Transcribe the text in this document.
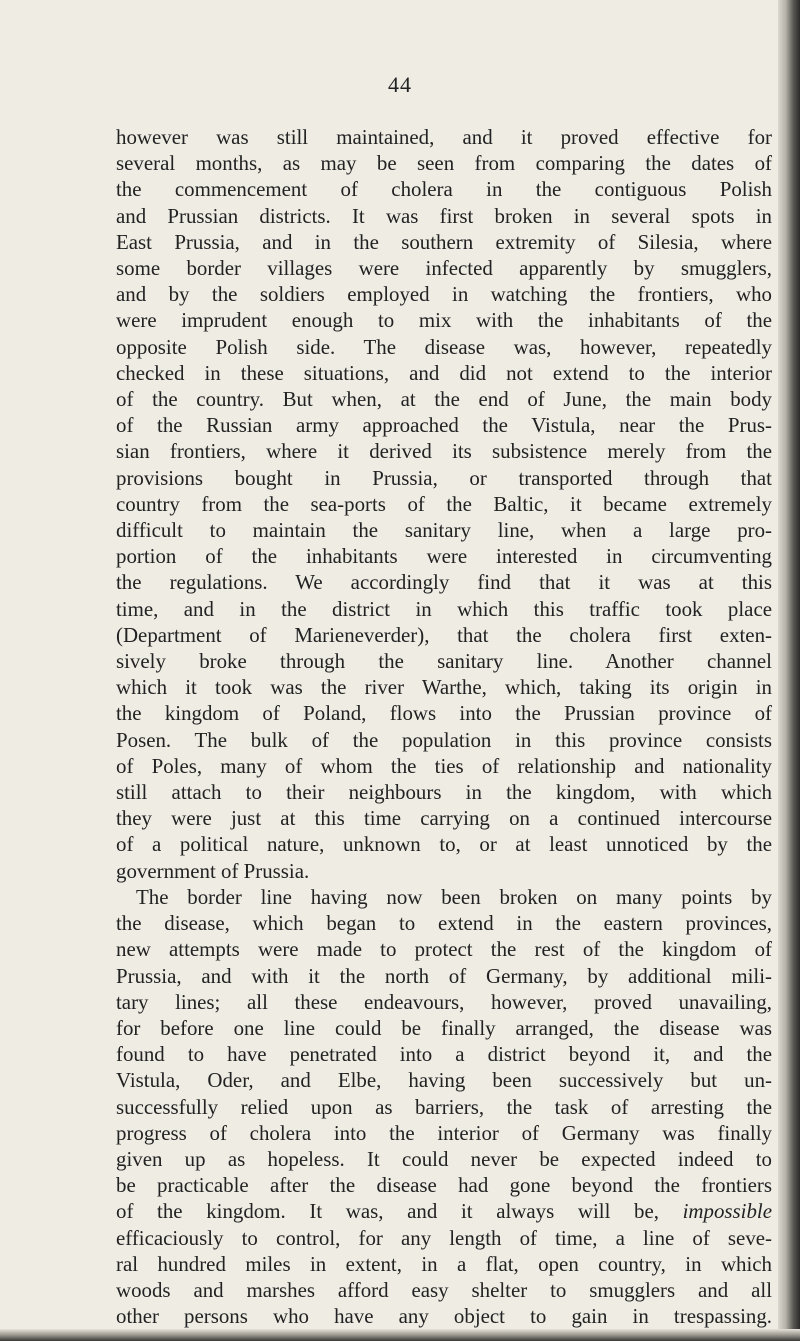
44
however was still maintained, and it proved effective for
several months, as may be seen from comparing the dates of
the commencement of cholera in the contiguous Polish
and Prussian districts. It was first broken in several spots in
East Prussia, and in the southern extremity of Silesia, where
some border villages were infected apparently by smugglers,
and by the soldiers employed in watching the frontiers, who
were imprudent enough to mix with the inhabitants of the
opposite Polish side. The disease was, however, repeatedly
checked in these situations, and did not extend to the interior
of the country. But when, at the end of June, the main body
of the Russian army approached the Vistula, near the Prus-
sian frontiers, where it derived its subsistence merely from the
provisions bought in Prussia, or transported through that
country from the sea-ports of the Baltic, it became extremely
difficult to maintain the sanitary line, when a large pro-
portion of the inhabitants were interested in circumventing
the regulations. We accordingly find that it was at this
time, and in the district in which this traffic took place
(Department of Marieneverder), that the cholera first exten-
sively broke through the sanitary line. Another channel
which it took was the river Warthe, which, taking its origin in
the kingdom of Poland, flows into the Prussian province of
Posen. The bulk of the population in this province consists
of Poles, many of whom the ties of relationship and nationality
still attach to their neighbours in the kingdom, with which
they were just at this time carrying on a continued intercourse
of a political nature, unknown to, or at least unnoticed by the
government of Prussia.
The border line having now been broken on many points by
the disease, which began to extend in the eastern provinces,
new attempts were made to protect the rest of the kingdom of
Prussia, and with it the north of Germany, by additional mili-
tary lines; all these endeavours, however, proved unavailing,
for before one line could be finally arranged, the disease was
found to have penetrated into a district beyond it, and the
Vistula, Oder, and Elbe, having been successively but un-
successfully relied upon as barriers, the task of arresting the
progress of cholera into the interior of Germany was finally
given up as hopeless. It could never be expected indeed to
be practicable after the disease had gone beyond the frontiers
of the kingdom. It was, and it always will be, impossible
efficaciously to control, for any length of time, a line of seve-
ral hundred miles in extent, in a flat, open country, in which
woods and marshes afford easy shelter to smugglers and all
other persons who have any object to gain in trespassing.
